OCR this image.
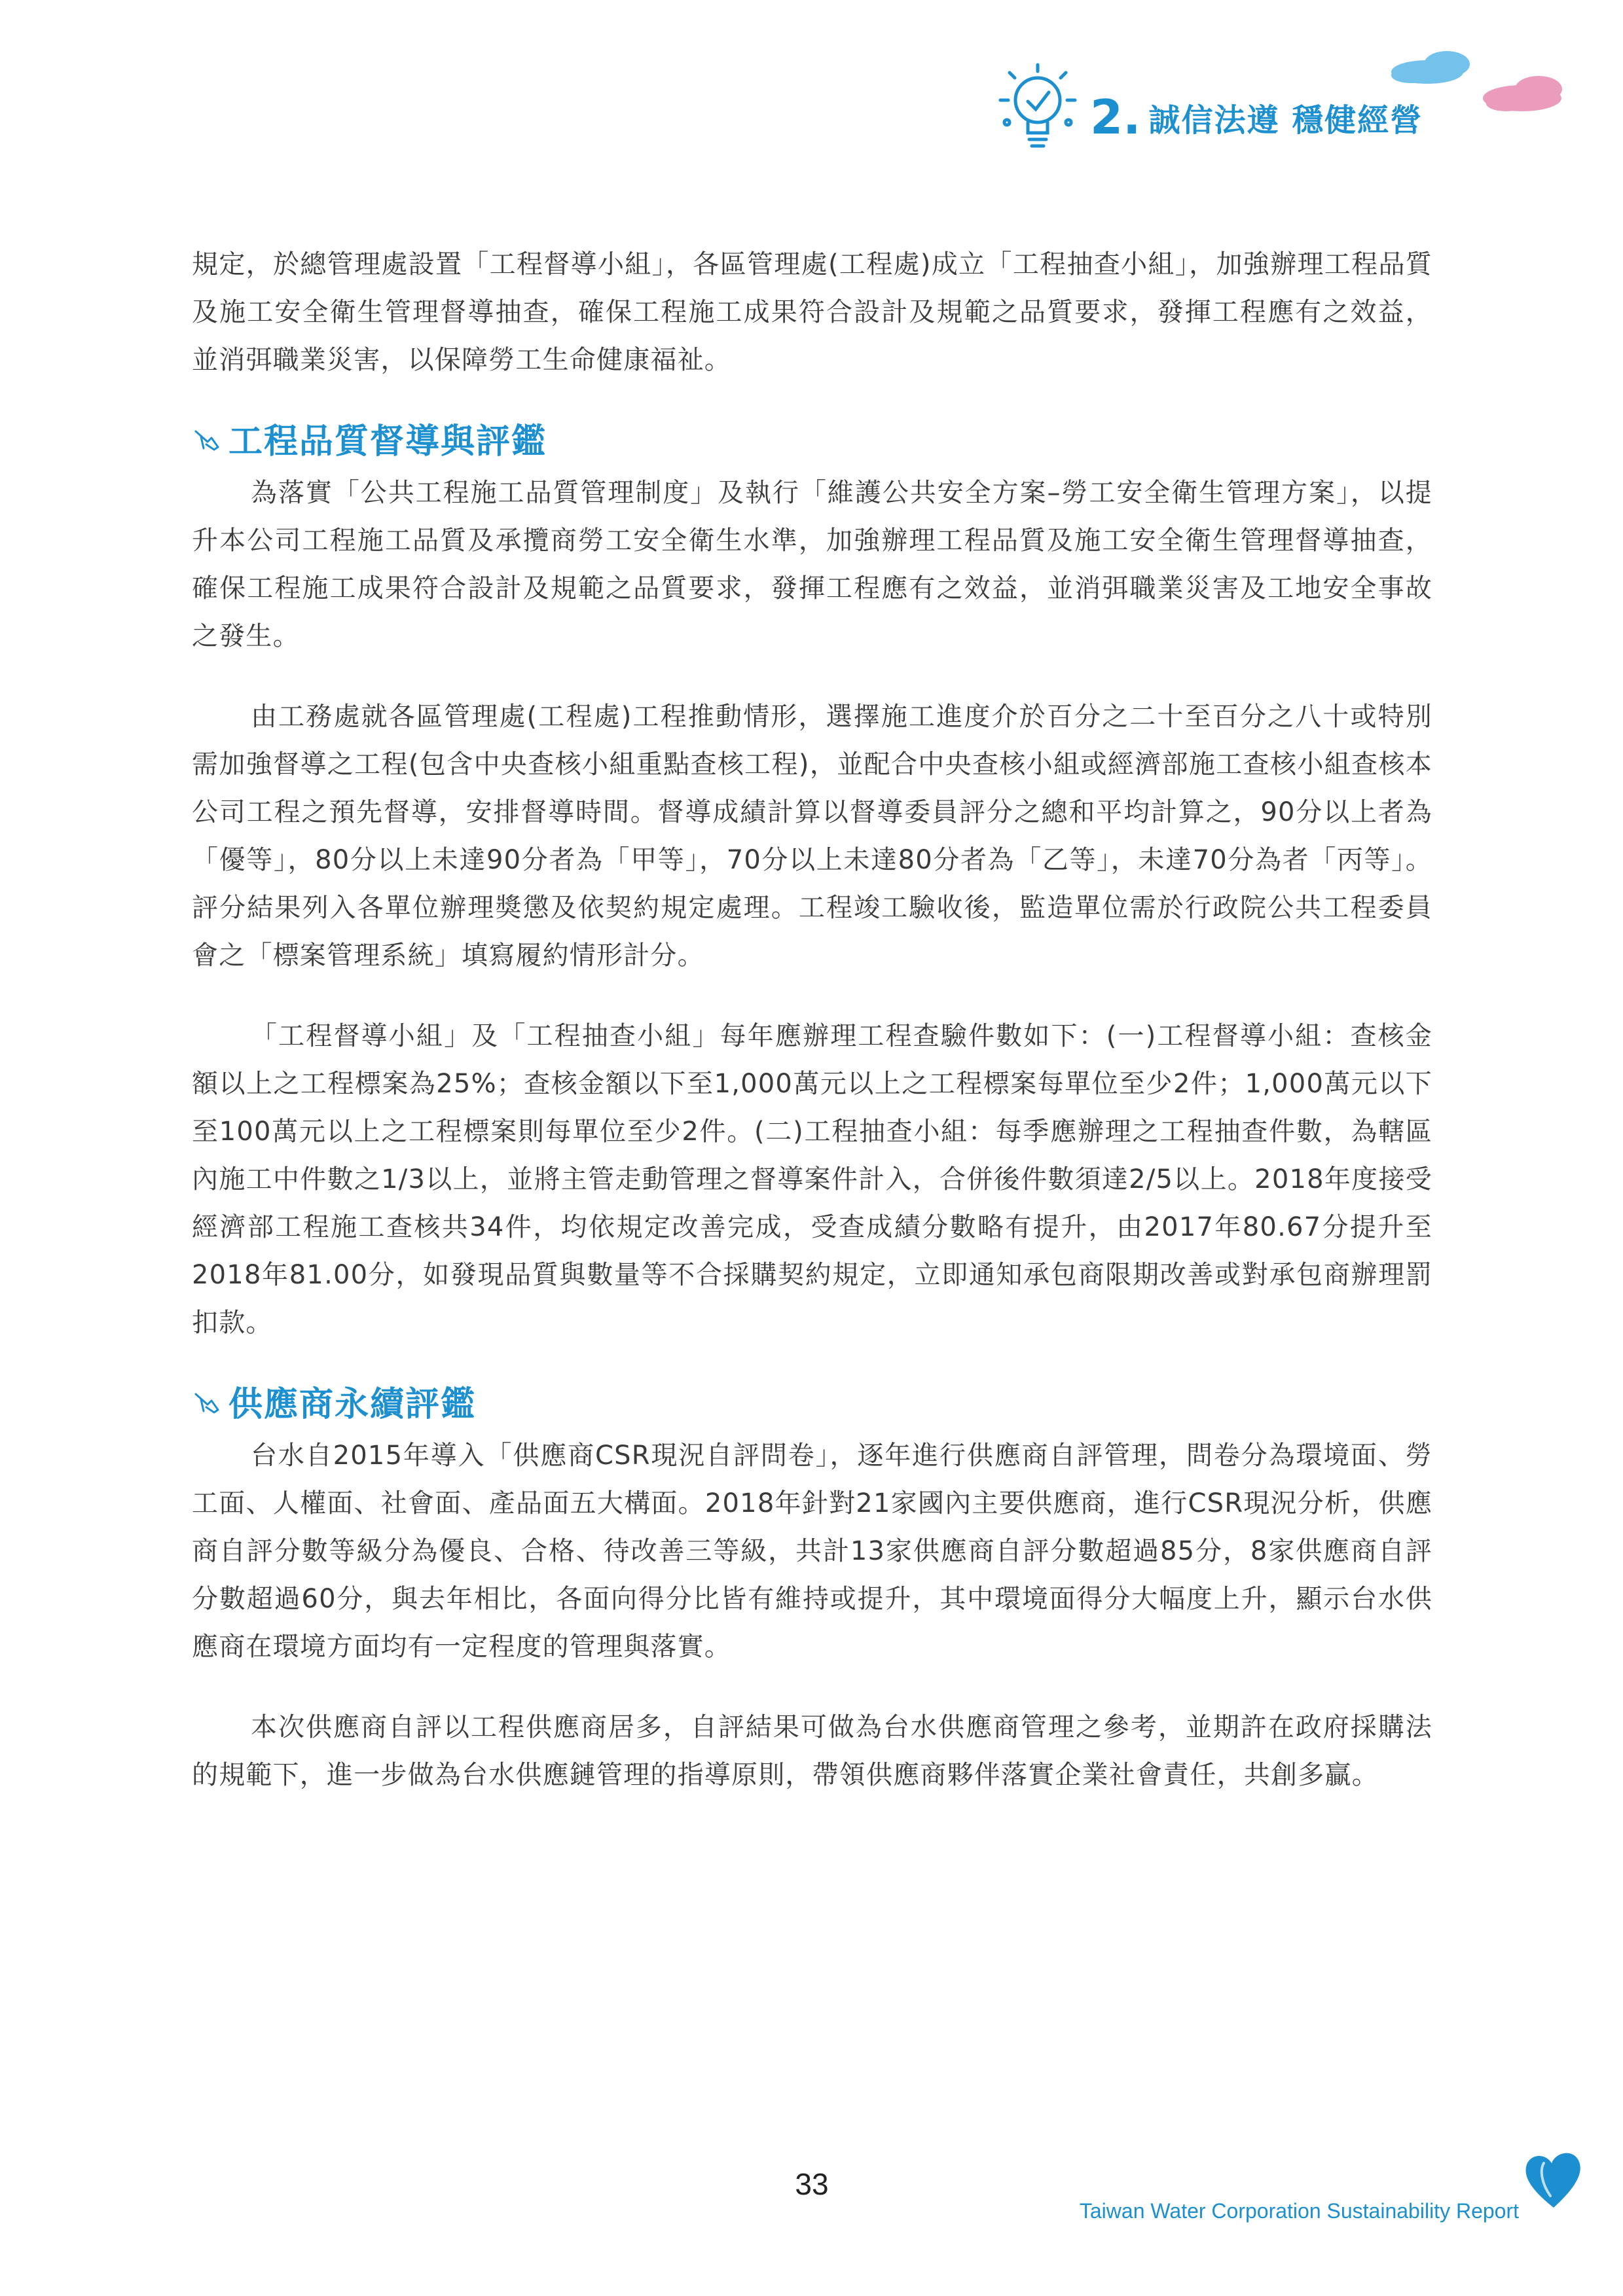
2. 誠信法遵 穩健經營

規定，於總管理處設置「工程督導小組」，各區管理處(工程處)成立「工程抽查小組」，加強辦理工程品質及施工安全衛生管理督導抽查，確保工程施工成果符合設計及規範之品質要求，發揮工程應有之效益，並消弭職業災害，以保障勞工生命健康福祉。

工程品質督導與評鑑

為落實「公共工程施工品質管理制度」及執行「維護公共安全方案–勞工安全衛生管理方案」，以提升本公司工程施工品質及承攬商勞工安全衛生水準，加強辦理工程品質及施工安全衛生管理督導抽查，確保工程施工成果符合設計及規範之品質要求，發揮工程應有之效益，並消弭職業災害及工地安全事故之發生。

由工務處就各區管理處(工程處)工程推動情形，選擇施工進度介於百分之二十至百分之八十或特別需加強督導之工程(包含中央查核小組重點查核工程)，並配合中央查核小組或經濟部施工查核小組查核本公司工程之預先督導，安排督導時間。督導成績計算以督導委員評分之總和平均計算之，90分以上者為「優等」，80分以上未達90分者為「甲等」，70分以上未達80分者為「乙等」，未達70分為者「丙等」。評分結果列入各單位辦理獎懲及依契約規定處理。工程竣工驗收後，監造單位需於行政院公共工程委員會之「標案管理系統」填寫履約情形計分。

「工程督導小組」及「工程抽查小組」每年應辦理工程查驗件數如下：(一)工程督導小組：查核金額以上之工程標案為25%；查核金額以下至1,000萬元以上之工程標案每單位至少2件；1,000萬元以下至100萬元以上之工程標案則每單位至少2件。(二)工程抽查小組：每季應辦理之工程抽查件數，為轄區內施工中件數之1/3以上，並將主管走動管理之督導案件計入，合併後件數須達2/5以上。2018年度接受經濟部工程施工查核共34件，均依規定改善完成，受查成績分數略有提升，由2017年80.67分提升至2018年81.00分，如發現品質與數量等不合採購契約規定，立即通知承包商限期改善或對承包商辦理罰扣款。

供應商永續評鑑

台水自2015年導入「供應商CSR現況自評問卷」，逐年進行供應商自評管理，問卷分為環境面、勞工面、人權面、社會面、產品面五大構面。2018年針對21家國內主要供應商，進行CSR現況分析，供應商自評分數等級分為優良、合格、待改善三等級，共計13家供應商自評分數超過85分，8家供應商自評分數超過60分，與去年相比，各面向得分比皆有維持或提升，其中環境面得分大幅度上升，顯示台水供應商在環境方面均有一定程度的管理與落實。

本次供應商自評以工程供應商居多，自評結果可做為台水供應商管理之參考，並期許在政府採購法的規範下，進一步做為台水供應鏈管理的指導原則，帶領供應商夥伴落實企業社會責任，共創多贏。

33
Taiwan Water Corporation Sustainability Report
